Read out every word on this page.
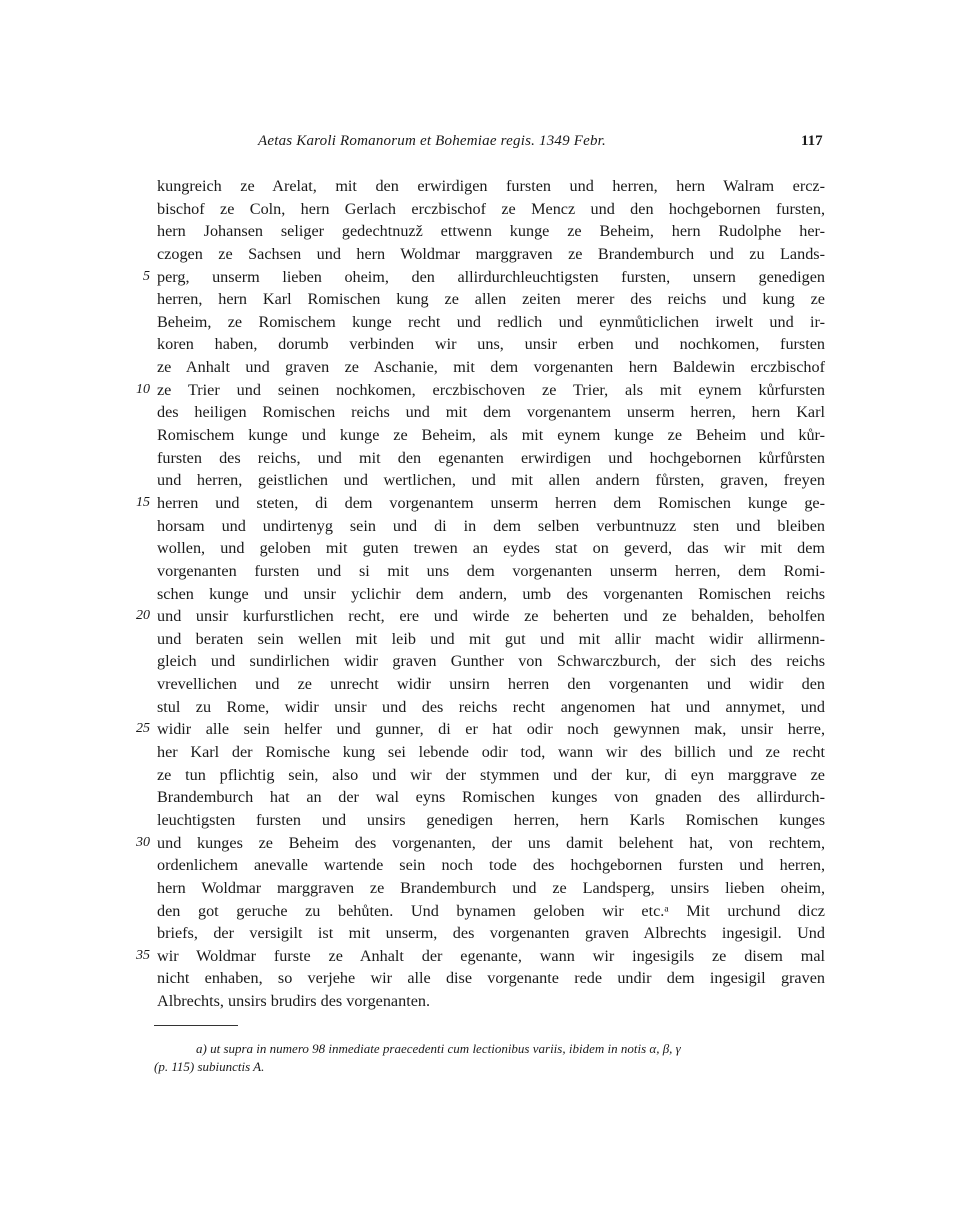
Aetas Karoli Romanorum et Bohemiae regis. 1349 Febr.	117
kungreich ze Arelat, mit den erwirdigen fursten und herren, hern Walram ercz-
bischof ze Coln, hern Gerlach erczbischof ze Mencz und den hochgebornen fursten,
hern Johansen seliger gedechtnuzž ettwenn kunge ze Beheim, hern Rudolphe her-
czogen ze Sachsen und hern Woldmar marggraven ze Brandemburch und zu Lands-
5 perg, unserm lieben oheim, den allirdurchleuchtigsten fursten, unsern genedigen
herren, hern Karl Romischen kung ze allen zeiten merer des reichs und kung ze
Beheim, ze Romischem kunge recht und redlich und eynmůticlichen irwelt und ir-
koren haben, dorumb verbinden wir uns, unsir erben und nochkomen, fursten
ze Anhalt und graven ze Aschanie, mit dem vorgenanten hern Baldewin erczbischof
10 ze Trier und seinen nochkomen, erczbischoven ze Trier, als mit eynem kůrfursten
des heiligen Romischen reichs und mit dem vorgenantem unserm herren, hern Karl
Romischem kunge und kunge ze Beheim, als mit eynem kunge ze Beheim und kůr-
fursten des reichs, und mit den egenanten erwirdigen und hochgebornen kůrfůrsten
und herren, geistlichen und wertlichen, und mit allen andern fůrsten, graven, freyen
15 herren und steten, di dem vorgenantem unserm herren dem Romischen kunge ge-
horsam und undirtenyg sein und di in dem selben verbuntnuzz sten und bleiben
wollen, und geloben mit guten trewen an eydes stat on geverd, das wir mit dem
vorgenanten fursten und si mit uns dem vorgenanten unserm herren, dem Romi-
schen kunge und unsir yclichir dem andern, umb des vorgenanten Romischen reichs
20 und unsir kurfurstlichen recht, ere und wirde ze beherten und ze behalden, beholfen
und beraten sein wellen mit leib und mit gut und mit allir macht widir allirmenn-
gleich und sundirlichen widir graven Gunther von Schwarczburch, der sich des reichs
vrevellichen und ze unrecht widir unsirn herren den vorgenanten und widir den
stul zu Rome, widir unsir und des reichs recht angenomen hat und annymet, und
25 widir alle sein helfer und gunner, di er hat odir noch gewynnen mak, unsir herre,
her Karl der Romische kung sei lebende odir tod, wann wir des billich und ze recht
ze tun pflichtig sein, also und wir der stymmen und der kur, di eyn marggrave ze
Brandemburch hat an der wal eyns Romischen kunges von gnaden des allirdurch-
leuchtigsten fursten und unsirs genedigen herren, hern Karls Romischen kunges
30 und kunges ze Beheim des vorgenanten, der uns damit belehent hat, von rechtem,
ordenlichem anevalle wartende sein noch tode des hochgebornen fursten und herren,
hern Woldmar marggraven ze Brandemburch und ze Landsperg, unsirs lieben oheim,
den got geruche zu behůten. Und bynamen geloben wir etc.ᵃ Mit urchund dicz
briefs, der versigilt ist mit unserm, des vorgenanten graven Albrechts ingesigil. Und
35 wir Woldmar furste ze Anhalt der egenante, wann wir ingesigils ze disem mal
nicht enhaben, so verjehe wir alle dise vorgenante rede undir dem ingesigil graven
Albrechts, unsirs brudirs des vorgenanten.
a) ut supra in numero 98 inmediate praecedenti cum lectionibus variis, ibidem in notis α, β, γ
(p. 115) subiunctis A.
